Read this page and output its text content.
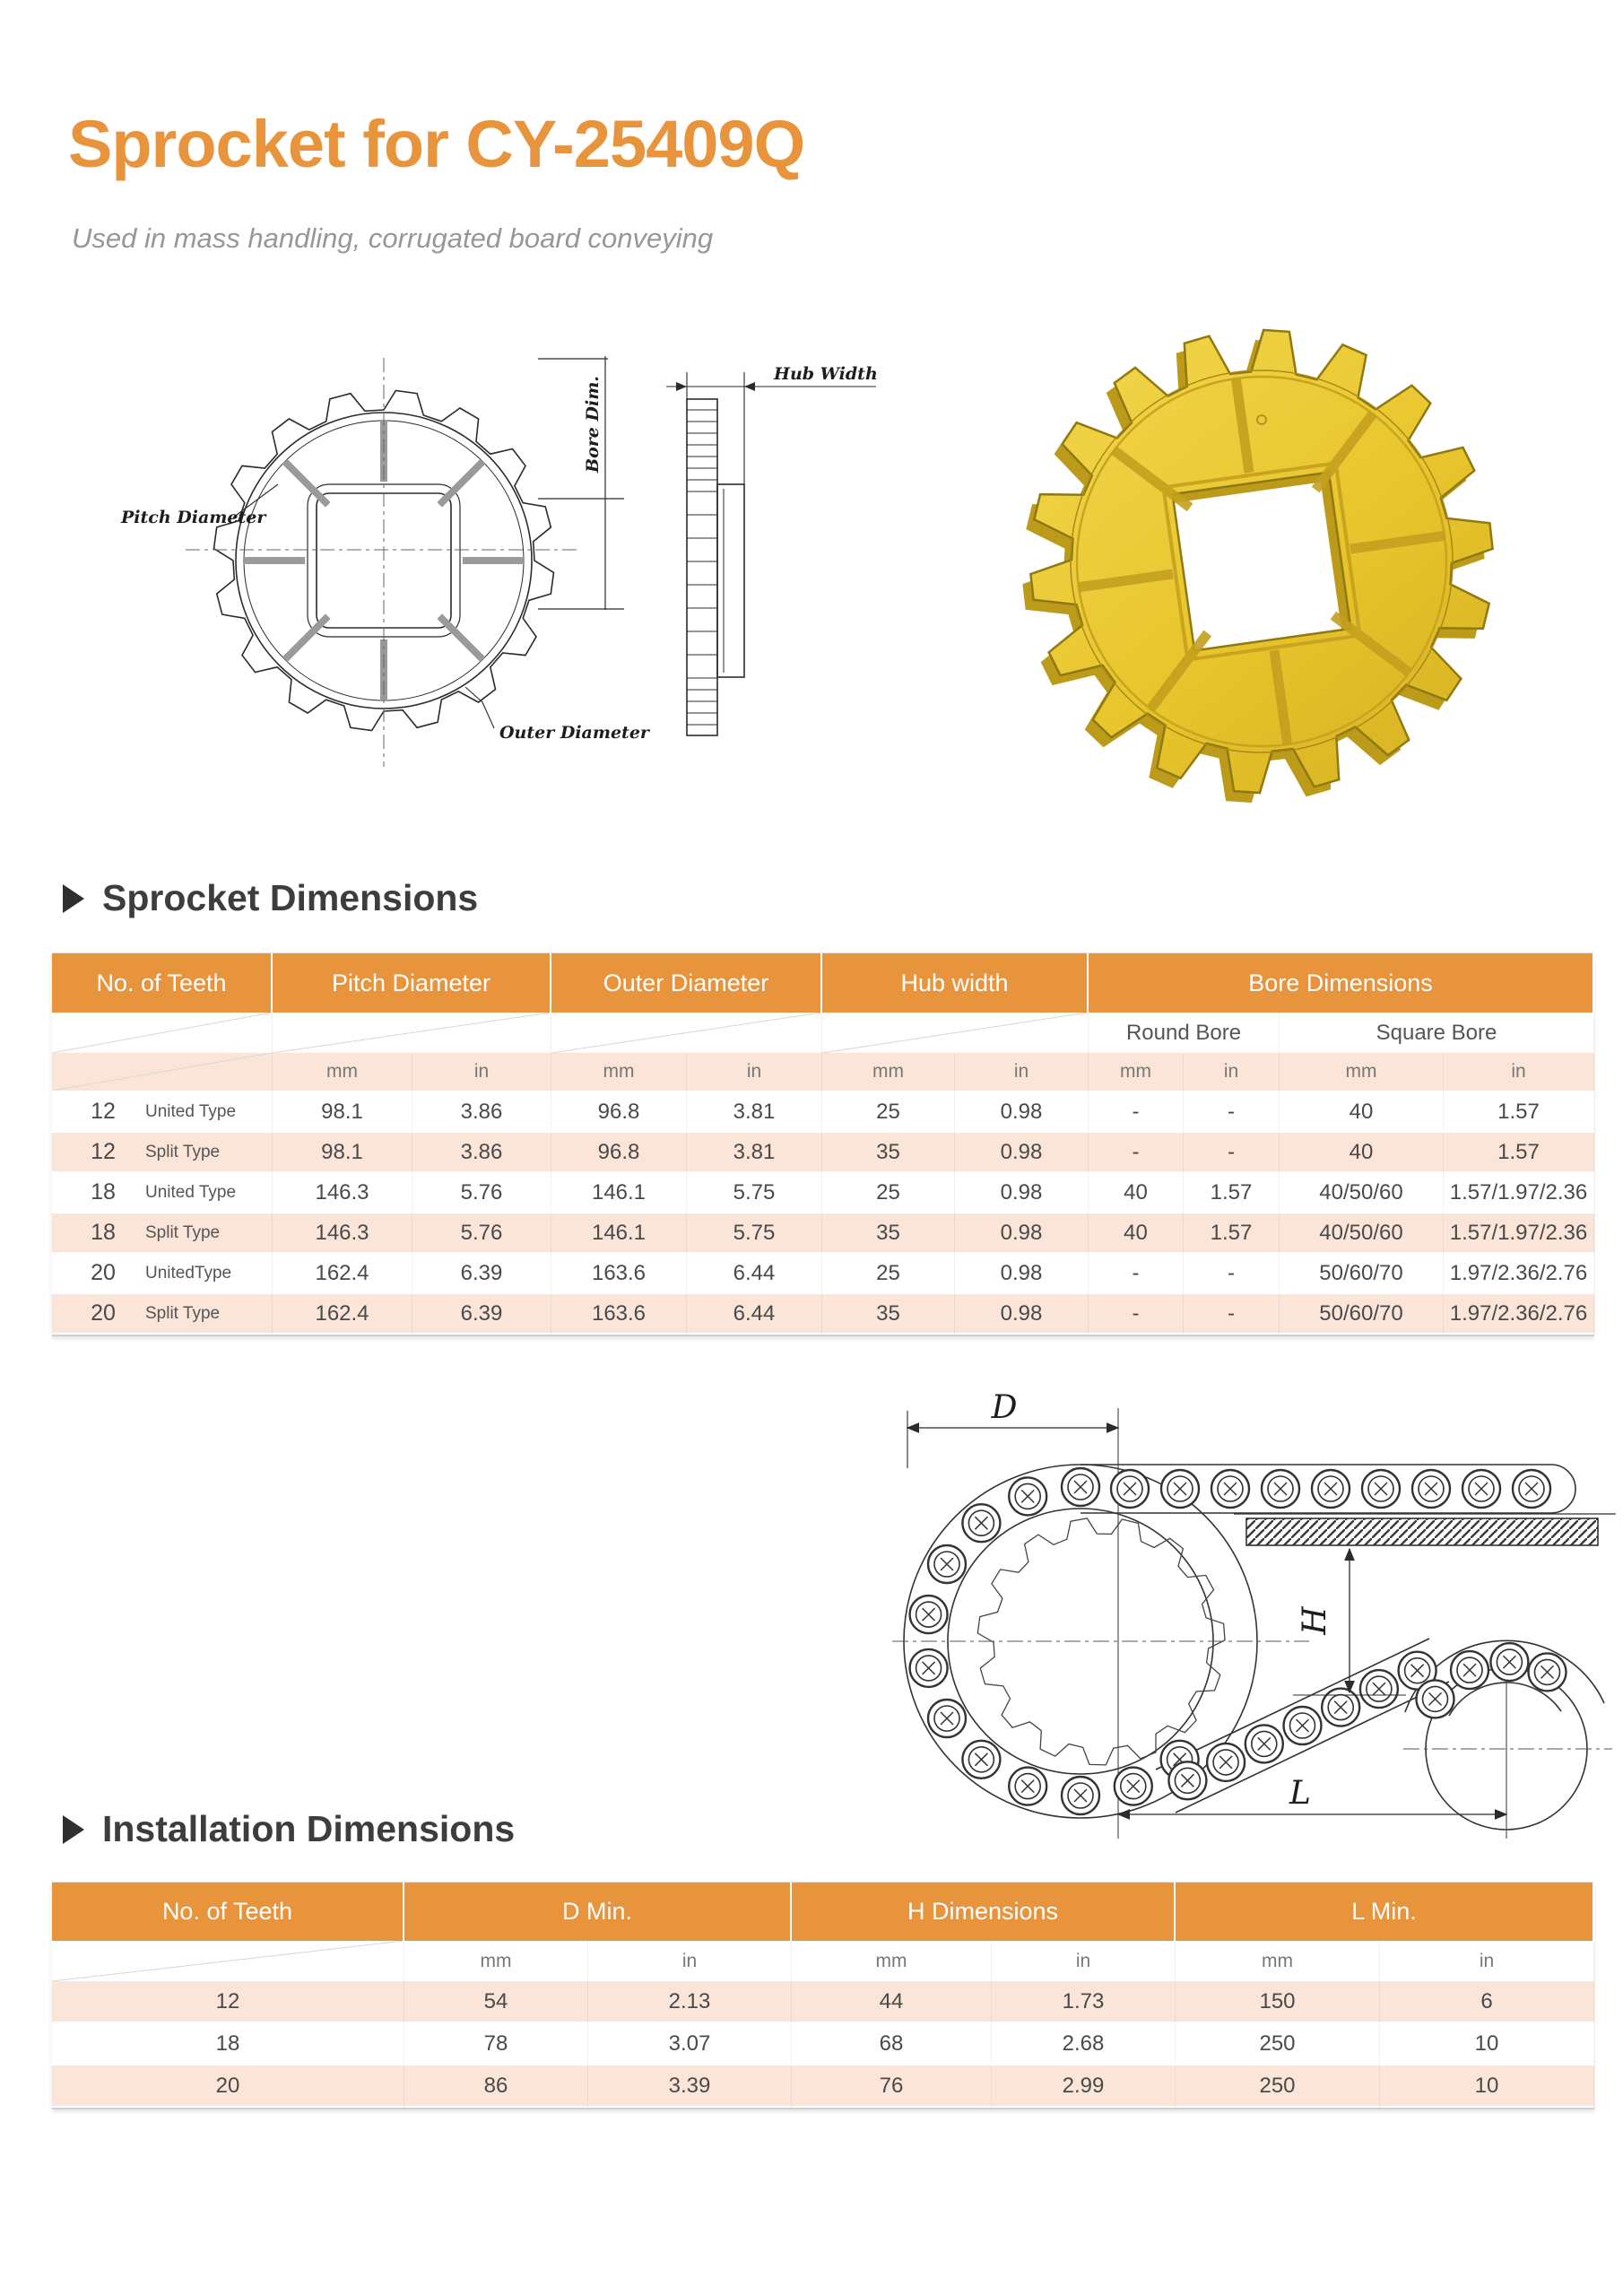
Sprocket for CY-25409Q
Used in mass handling, corrugated board conveying
Pitch Diameter
Outer Diameter
Bore Dim.
Hub Width
Sprocket Dimensions
No. of Teeth	Pitch Diameter	Outer Diameter	Hub width	Bore Dimensions
Round Bore	Square Bore
mm	in	mm	in	mm	in	mm	in	mm	in
12	United Type	98.1	3.86	96.8	3.81	25	0.98	-	-	40	1.57
12	Split Type	98.1	3.86	96.8	3.81	35	0.98	-	-	40	1.57
18	United Type	146.3	5.76	146.1	5.75	25	0.98	40	1.57	40/50/60	1.57/1.97/2.36
18	Split Type	146.3	5.76	146.1	5.75	35	0.98	40	1.57	40/50/60	1.57/1.97/2.36
20	UnitedType	162.4	6.39	163.6	6.44	25	0.98	-	-	50/60/70	1.97/2.36/2.76
20	Split Type	162.4	6.39	163.6	6.44	35	0.98	-	-	50/60/70	1.97/2.36/2.76
D
H
L
Installation Dimensions
No. of Teeth	D Min.	H Dimensions	L Min.
mm	in	mm	in	mm	in
12	54	2.13	44	1.73	150	6
18	78	3.07	68	2.68	250	10
20	86	3.39	76	2.99	250	10
